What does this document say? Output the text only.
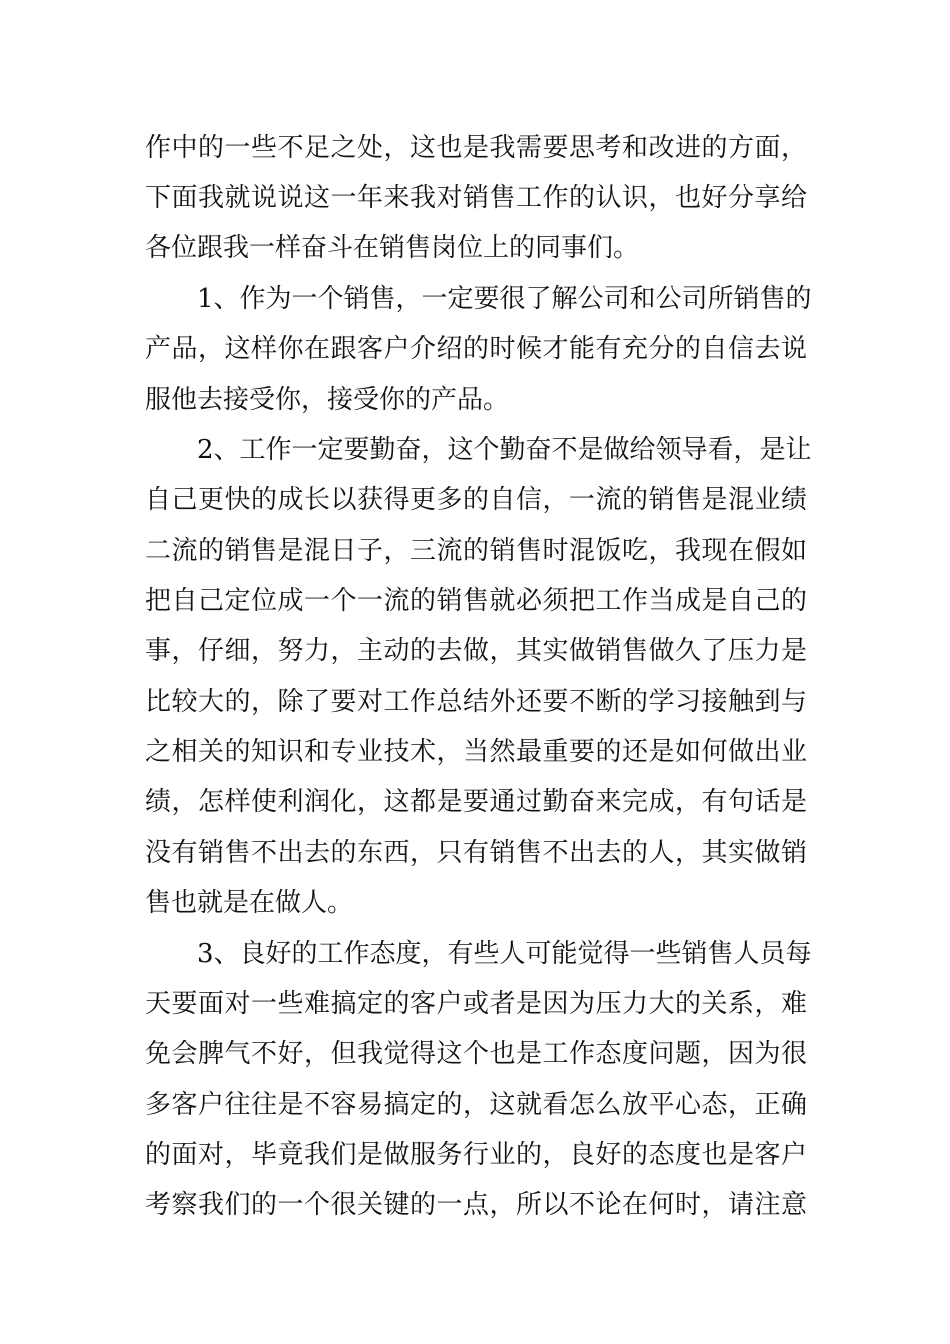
作中的一些不足之处，这也是我需要思考和改进的方面，
下面我就说说这一年来我对销售工作的认识，也好分享给
各位跟我一样奋斗在销售岗位上的同事们。
1、作为一个销售，一定要很了解公司和公司所销售的
产品，这样你在跟客户介绍的时候才能有充分的自信去说
服他去接受你，接受你的产品。
2、工作一定要勤奋，这个勤奋不是做给领导看，是让
自己更快的成长以获得更多的自信，一流的销售是混业绩
二流的销售是混日子，三流的销售时混饭吃，我现在假如
把自己定位成一个一流的销售就必须把工作当成是自己的
事，仔细，努力，主动的去做，其实做销售做久了压力是
比较大的，除了要对工作总结外还要不断的学习接触到与
之相关的知识和专业技术，当然最重要的还是如何做出业
绩，怎样使利润化，这都是要通过勤奋来完成，有句话是
没有销售不出去的东西，只有销售不出去的人，其实做销
售也就是在做人。
3、良好的工作态度，有些人可能觉得一些销售人员每
天要面对一些难搞定的客户或者是因为压力大的关系，难
免会脾气不好，但我觉得这个也是工作态度问题，因为很
多客户往往是不容易搞定的，这就看怎么放平心态，正确
的面对，毕竟我们是做服务行业的，良好的态度也是客户
考察我们的一个很关键的一点，所以不论在何时，请注意
